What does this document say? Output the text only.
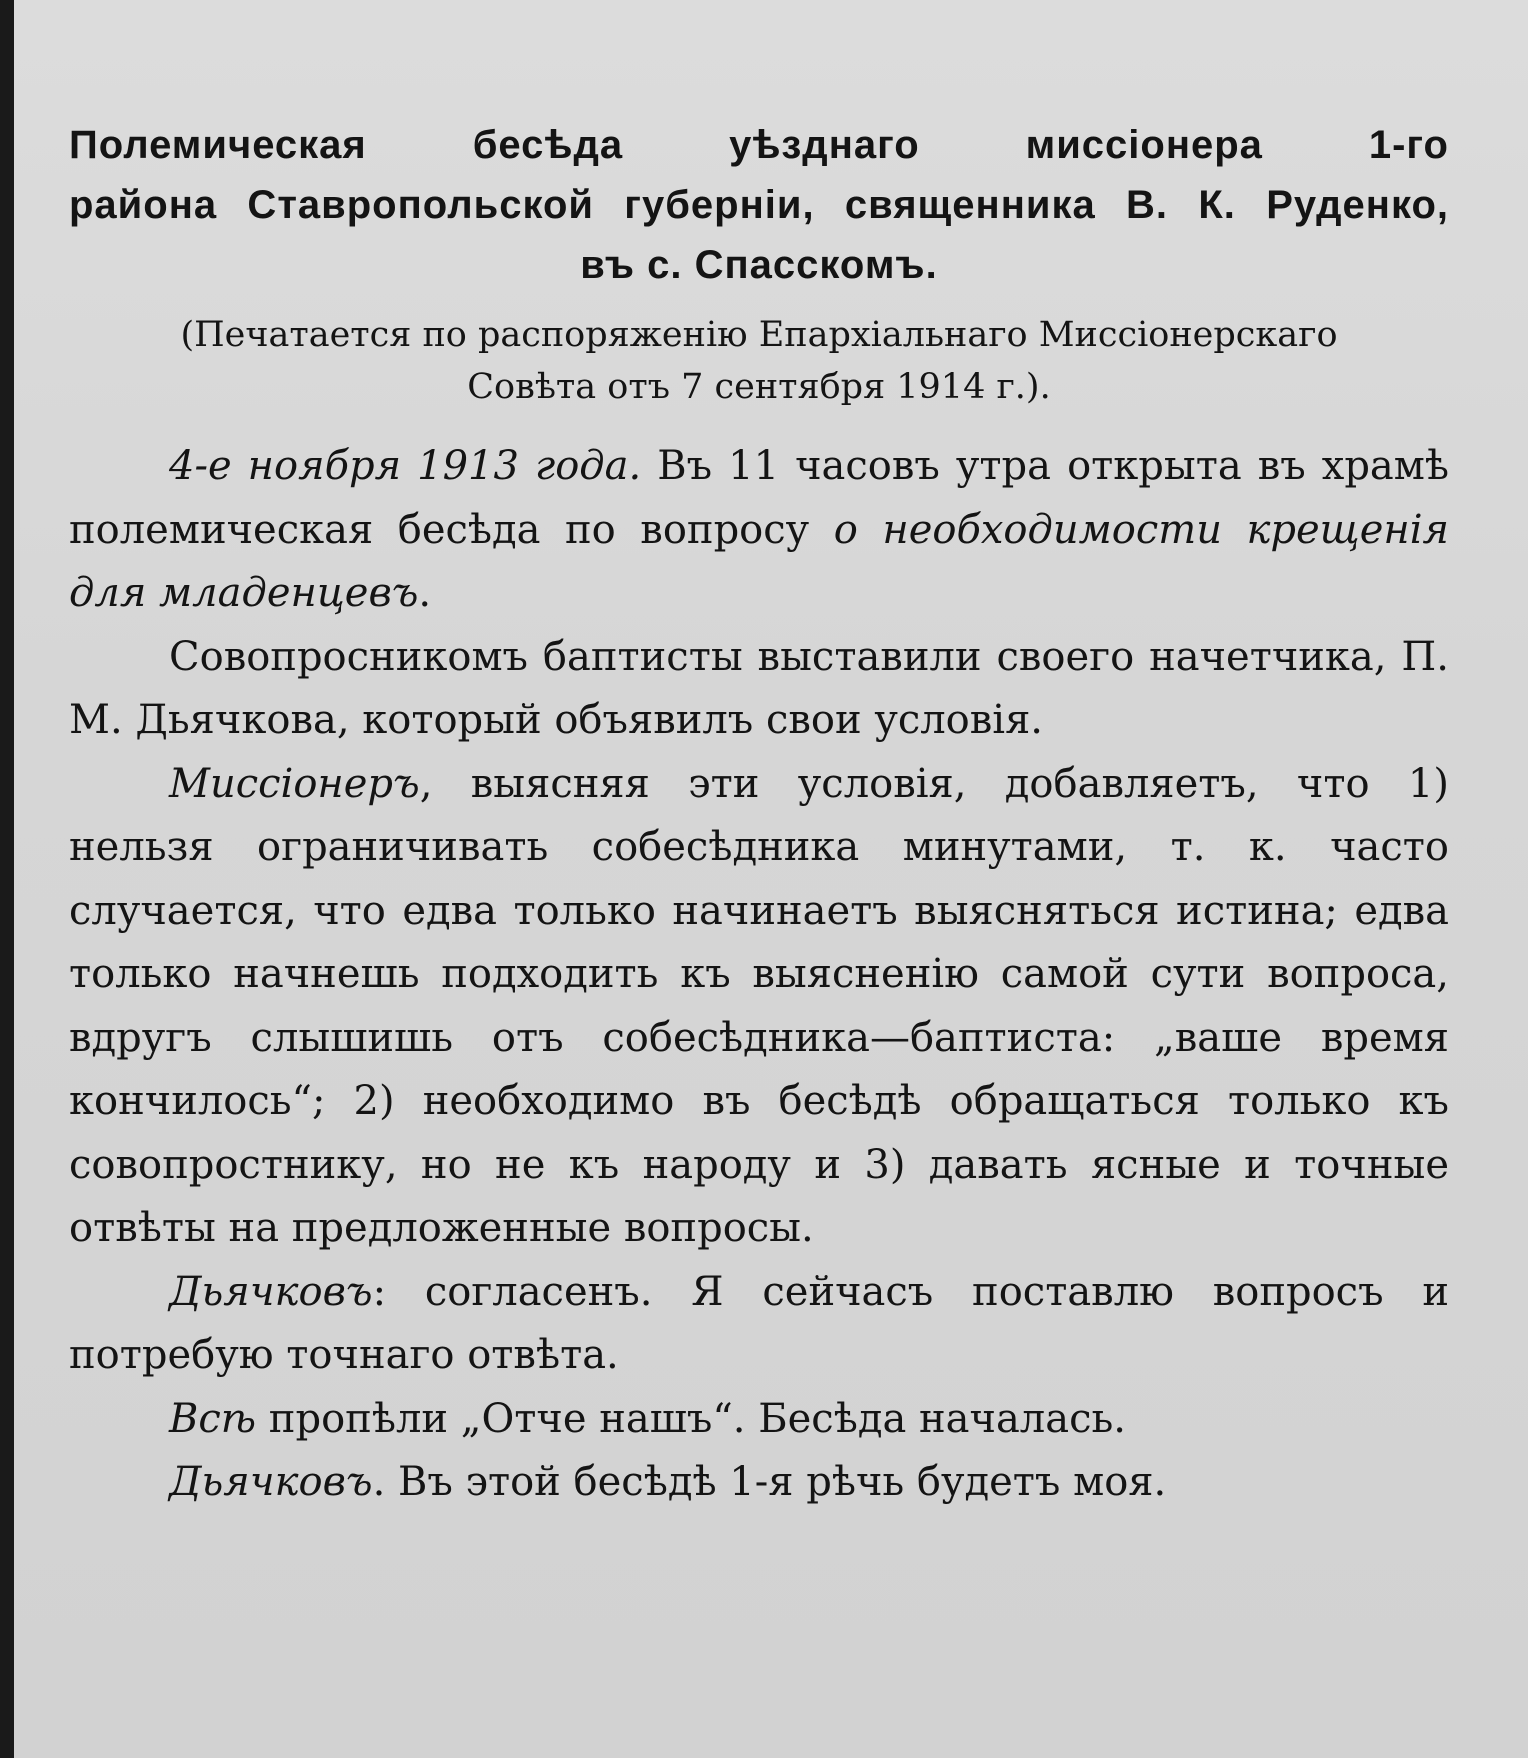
Полемическая бесѣда уѣзднаго миссіонера 1-го

района Ставропольской губерніи, священника В. К. Руденко,

въ с. Спасскомъ.

(Печатается по распоряженію Епархіальнаго Миссіонерскаго
Совѣта отъ 7 сентября 1914 г.).

4-е ноября 1913 года. Въ 11 часовъ утра открыта въ храмѣ полемическая бесѣда по вопросу о необходимости крещенія для младенцевъ.

Совопросникомъ баптисты выставили своего начетчика, П. М. Дьячкова, который объявилъ свои условія.

Миссіонеръ, выясняя эти условія, добавляетъ, что 1) нельзя ограничивать собесѣдника минутами, т. к. часто случается, что едва только начинаетъ выясняться истина; едва только начнешь подходить къ выясненію самой сути вопроса, вдругъ слышишь отъ собесѣдника—баптиста: „ваше время кончилось“; 2) необходимо въ бесѣдѣ обращаться только къ совопростнику, но не къ народу и 3) давать ясные и точные отвѣты на предложенные вопросы.

Дьячковъ: согласенъ. Я сейчасъ поставлю вопросъ и потребую точнаго отвѣта.

Всѣ пропѣли „Отче нашъ“. Бесѣда началась.

Дьячковъ. Въ этой бесѣдѣ 1-я рѣчь будетъ моя.
